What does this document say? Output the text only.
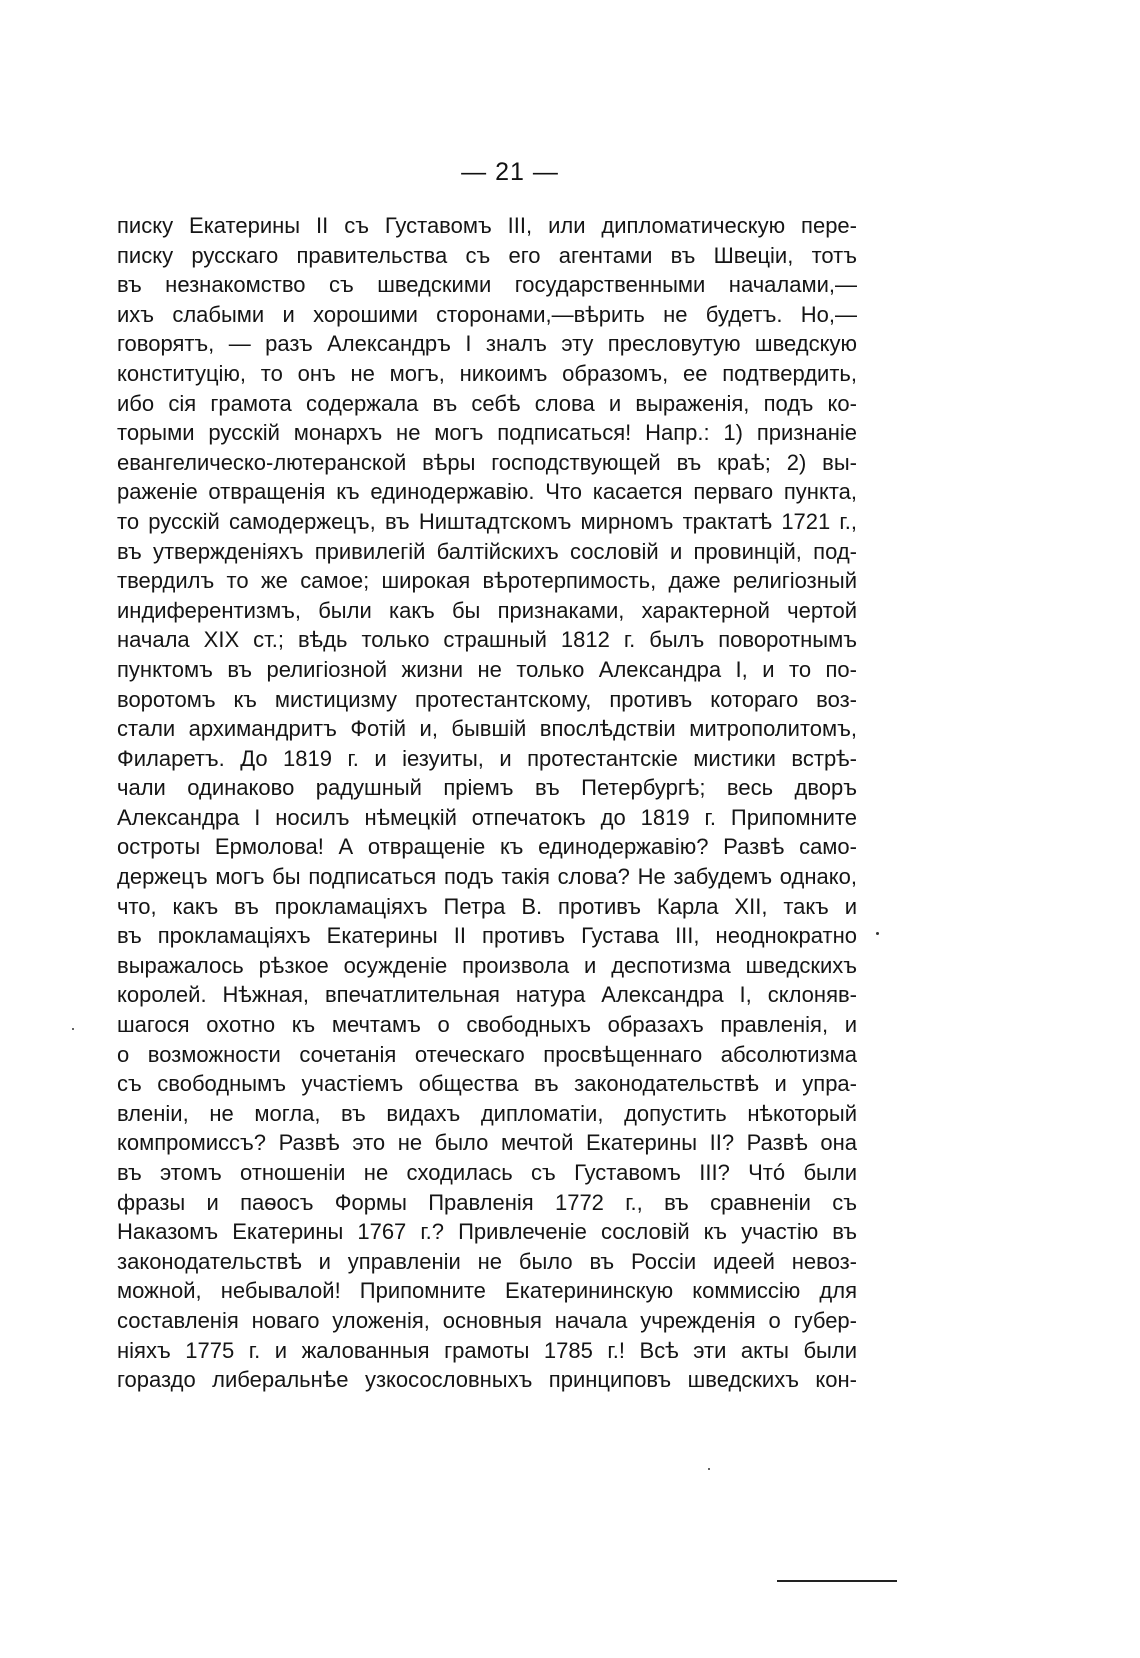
— 21 —
писку Екатерины II съ Густавомъ III, или дипломатическую пере-
писку русскаго правительства съ его агентами въ Швеціи, тотъ
въ незнакомство съ шведскими государственными началами,—
ихъ слабыми и хорошими сторонами,—вѣрить не будетъ. Но,—
говорятъ, — разъ Александръ I зналъ эту пресловутую шведскую
конституцію, то онъ не могъ, никоимъ образомъ, ее подтвердить,
ибо сія грамота содержала въ себѣ слова и выраженія, подъ ко-
торыми русскій монархъ не могъ подписаться! Напр.: 1) признаніе
евангелическо-лютеранской вѣры господствующей въ краѣ; 2) вы-
раженіе отвращенія къ единодержавію. Что касается перваго пункта,
то русскій самодержецъ, въ Ништадтскомъ мирномъ трактатѣ 1721 г.,
въ утвержденіяхъ привилегій балтійскихъ сословій и провинцій, под-
твердилъ то же самое; широкая вѣротерпимость, даже религіозный
индиферентизмъ, были какъ бы признаками, характерной чертой
начала XIX ст.; вѣдь только страшный 1812 г. былъ поворотнымъ
пунктомъ въ религіозной жизни не только Александра I, и то по-
воротомъ къ мистицизму протестантскому, противъ котораго воз-
стали архимандритъ Фотій и, бывшій впослѣдствіи митрополитомъ,
Филаретъ. До 1819 г. и іезуиты, и протестантскіе мистики встрѣ-
чали одинаково радушный пріемъ въ Петербургѣ; весь дворъ
Александра I носилъ нѣмецкій отпечатокъ до 1819 г. Припомните
остроты Ермолова! А отвращеніе къ единодержавію? Развѣ само-
держецъ могъ бы подписаться подъ такія слова? Не забудемъ однако,
что, какъ въ прокламаціяхъ Петра В. противъ Карла XII, такъ и
въ прокламаціяхъ Екатерины II противъ Густава III, неоднократно
выражалось рѣзкое осужденіе произвола и деспотизма шведскихъ
королей. Нѣжная, впечатлительная натура Александра I, склоняв-
шагося охотно къ мечтамъ о свободныхъ образахъ правленія, и
о возможности сочетанія отеческаго просвѣщеннаго абсолютизма
съ свободнымъ участіемъ общества въ законодательствѣ и упра-
вленіи, не могла, въ видахъ дипломатіи, допустить нѣкоторый
компромиссъ? Развѣ это не было мечтой Екатерины II? Развѣ она
въ этомъ отношеніи не сходилась съ Густавомъ III? Чтó были
фразы и паѳосъ Формы Правленія 1772 г., въ сравненіи съ
Наказомъ Екатерины 1767 г.? Привлеченіе сословій къ участію въ
законодательствѣ и управленіи не было въ Россіи идеей невоз-
можной, небывалой! Припомните Екатерининскую коммиссію для
составленія новаго уложенія, основныя начала учрежденія о губер-
ніяхъ 1775 г. и жалованныя грамоты 1785 г.! Всѣ эти акты были
гораздо либеральнѣе узкосословныхъ принциповъ шведскихъ кон-
